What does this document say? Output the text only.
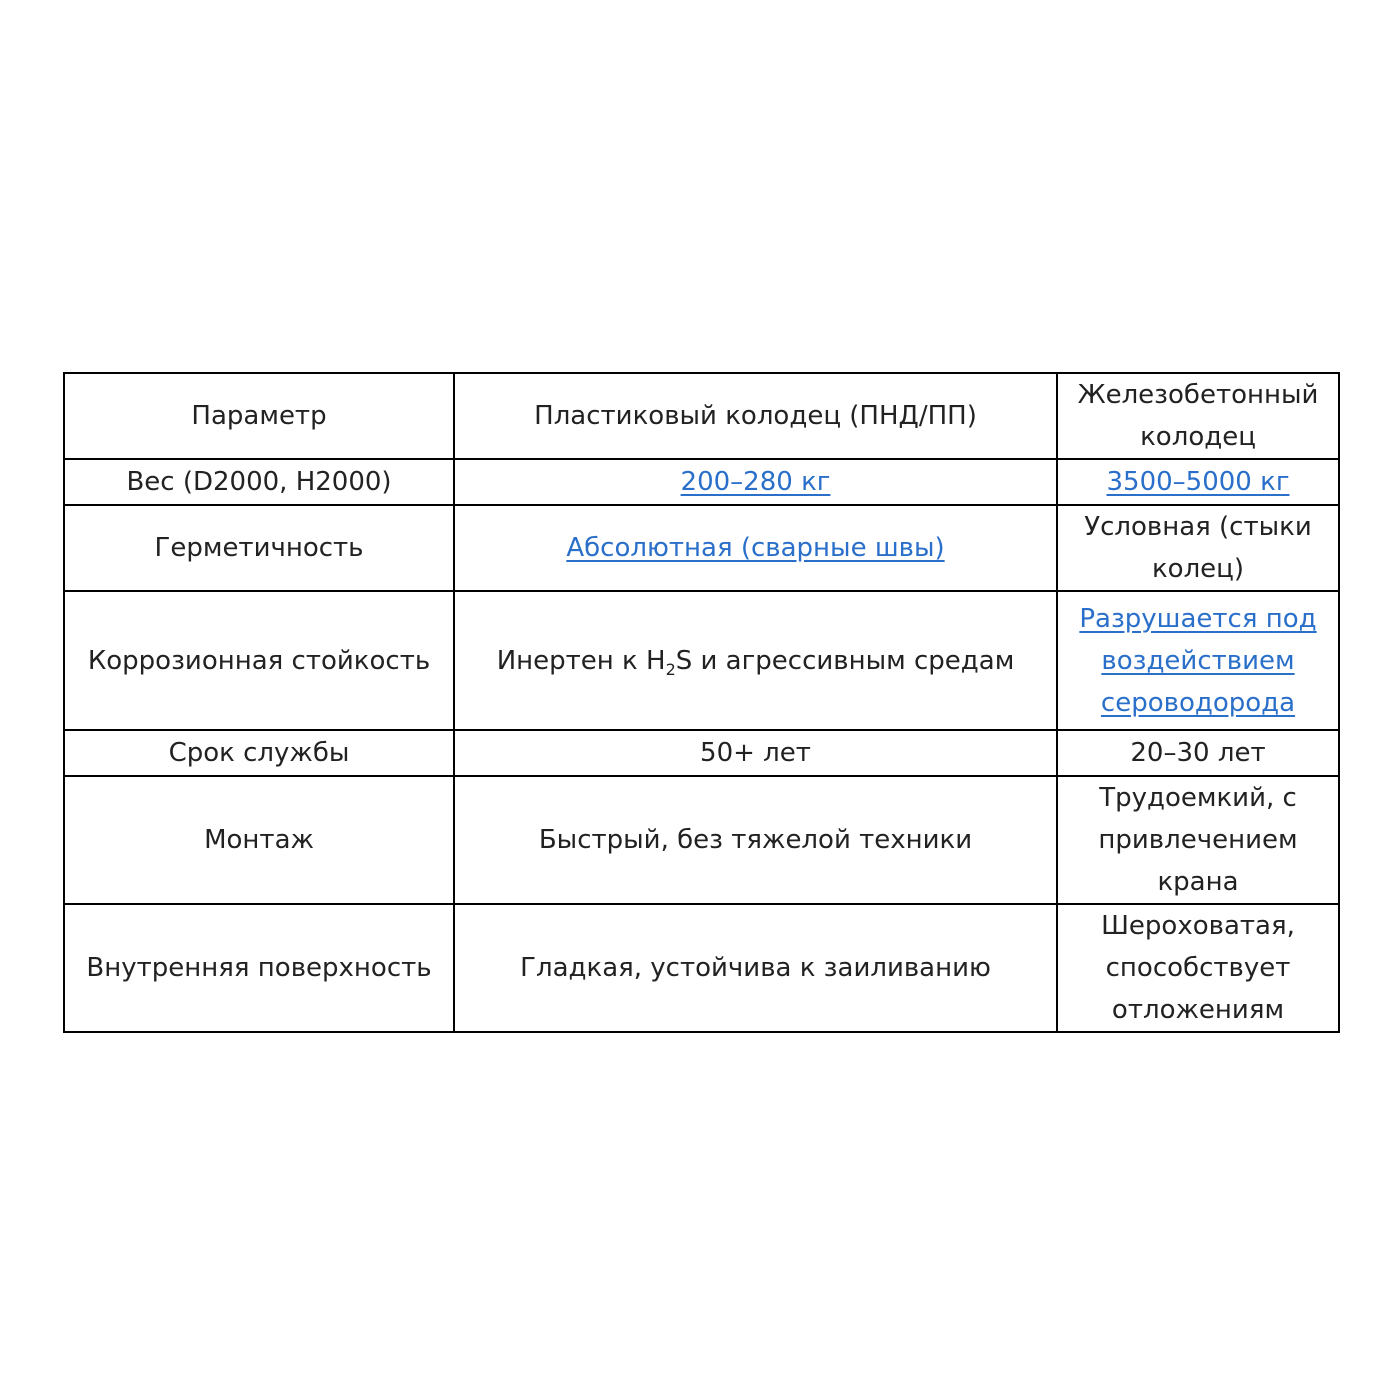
Параметр	Пластиковый колодец (ПНД/ПП)	Железобетонный колодец
Вес (D2000, H2000)	200–280 кг	3500–5000 кг
Герметичность	Абсолютная (сварные швы)	Условная (стыки колец)
Коррозионная стойкость	Инертен к $H_2S$ и агрессивным средам	Разрушается под воздействием сероводорода
Срок службы	50+ лет	20–30 лет
Монтаж	Быстрый, без тяжелой техники	Трудоемкий, с привлечением крана
Внутренняя поверхность	Гладкая, устойчива к заиливанию	Шероховатая, способствует отложениям
